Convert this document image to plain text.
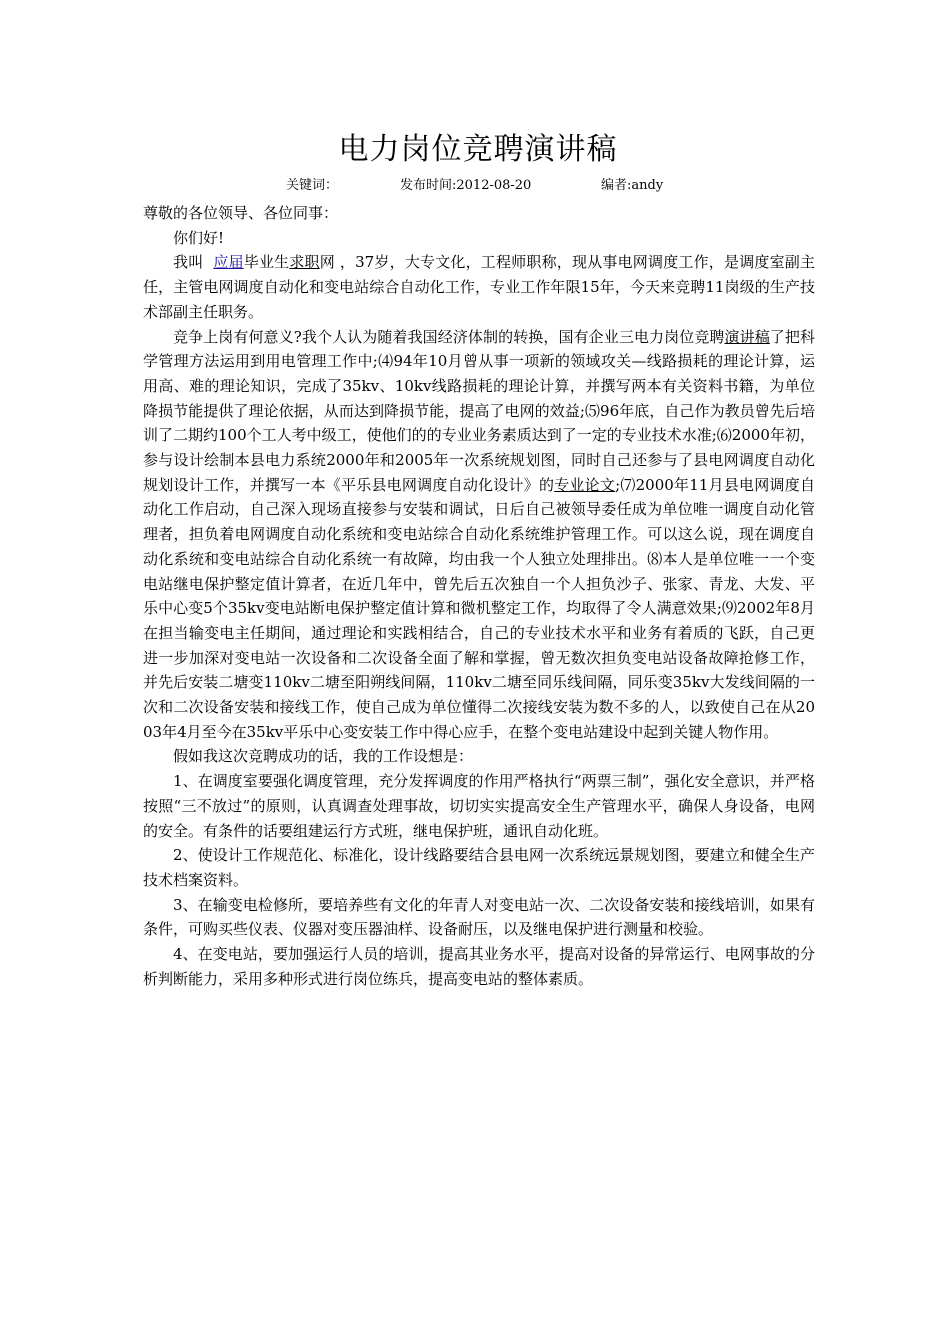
电力岗位竞聘演讲稿
关键词：	发布时间:2012-08-20	编者:andy

尊敬的各位领导、各位同事：

你们好!

我叫  应届毕业生求职网 ，37岁，大专文化，工程师职称，现从事电网调度工作，是调度室副主任，主管电网调度自动化和变电站综合自动化工作，专业工作年限15年，今天来竞聘11岗级的生产技术部副主任职务。

竞争上岗有何意义?我个人认为随着我国经济体制的转换，国有企业三电力岗位竞聘演讲稿了把科学管理方法运用到用电管理工作中;⑷94年10月曾从事一项新的领域攻关—线路损耗的理论计算，运用高、难的理论知识，完成了35kv、10kv线路损耗的理论计算，并撰写两本有关资料书籍，为单位降损节能提供了理论依据，从而达到降损节能，提高了电网的效益;⑸96年底，自己作为教员曾先后培训了二期约100个工人考中级工，使他们的的专业业务素质达到了一定的专业技术水准;⑹2000年初，参与设计绘制本县电力系统2000年和2005年一次系统规划图，同时自己还参与了县电网调度自动化规划设计工作，并撰写一本《平乐县电网调度自动化设计》的专业论文;⑺2000年11月县电网调度自动化工作启动，自己深入现场直接参与安装和调试，日后自己被领导委任成为单位唯一调度自动化管理者，担负着电网调度自动化系统和变电站综合自动化系统维护管理工作。可以这么说，现在调度自动化系统和变电站综合自动化系统一有故障，均由我一个人独立处理排出。⑻本人是单位唯一一个变电站继电保护整定值计算者，在近几年中，曾先后五次独自一个人担负沙子、张家、青龙、大发、平乐中心变5个35kv变电站断电保护整定值计算和微机整定工作，均取得了令人满意效果;⑼2002年8月在担当输变电主任期间，通过理论和实践相结合，自己的专业技术水平和业务有着质的飞跃，自己更进一步加深对变电站一次设备和二次设备全面了解和掌握，曾无数次担负变电站设备故障抢修工作，并先后安装二塘变110kv二塘至阳朔线间隔，110kv二塘至同乐线间隔，同乐变35kv大发线间隔的一次和二次设备安装和接线工作，使自己成为单位懂得二次接线安装为数不多的人，以致使自己在从2003年4月至今在35kv平乐中心变安装工作中得心应手，在整个变电站建设中起到关键人物作用。

假如我这次竞聘成功的话，我的工作设想是：

1、在调度室要强化调度管理，充分发挥调度的作用严格执行“两票三制”，强化安全意识，并严格按照“三不放过”的原则，认真调查处理事故，切切实实提高安全生产管理水平，确保人身设备，电网的安全。有条件的话要组建运行方式班，继电保护班，通讯自动化班。

2、使设计工作规范化、标准化，设计线路要结合县电网一次系统远景规划图，要建立和健全生产技术档案资料。

3、在输变电检修所，要培养些有文化的年青人对变电站一次、二次设备安装和接线培训，如果有条件，可购买些仪表、仪器对变压器油样、设备耐压，以及继电保护进行测量和校验。

4、在变电站，要加强运行人员的培训，提高其业务水平，提高对设备的异常运行、电网事故的分析判断能力，采用多种形式进行岗位练兵，提高变电站的整体素质。
